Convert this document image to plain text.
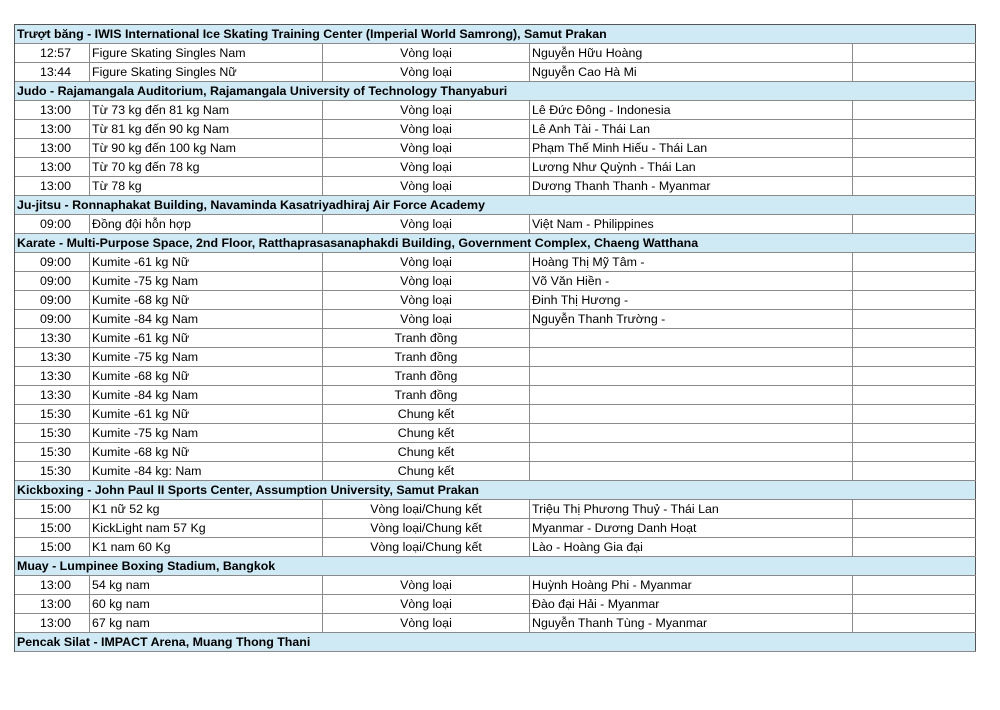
Trượt băng - IWIS International Ice Skating Training Center (Imperial World Samrong), Samut Prakan
12:57	Figure Skating Singles Nam	Vòng loại	Nguyễn Hữu Hoàng
13:44	Figure Skating Singles Nữ	Vòng loại	Nguyễn Cao Hà Mi
Judo - Rajamangala Auditorium, Rajamangala University of Technology Thanyaburi
13:00	Từ 73 kg đến 81 kg Nam	Vòng loại	Lê Đức Đông - Indonesia
13:00	Từ 81 kg đến 90 kg Nam	Vòng loại	Lê Anh Tài - Thái Lan
13:00	Từ 90 kg đến 100 kg Nam	Vòng loại	Phạm Thế Minh Hiếu - Thái Lan
13:00	Từ 70 kg đến 78 kg	Vòng loại	Lương Như Quỳnh - Thái Lan
13:00	Từ 78 kg	Vòng loại	Dương Thanh Thanh - Myanmar
Ju-jitsu - Ronnaphakat Building, Navaminda Kasatriyadhiraj Air Force Academy
09:00	Đồng đội hỗn hợp	Vòng loại	Việt Nam - Philippines
Karate - Multi-Purpose Space, 2nd Floor, Ratthaprasasanaphakdi Building, Government Complex, Chaeng Watthana
09:00	Kumite -61 kg Nữ	Vòng loại	Hoàng Thị Mỹ Tâm -
09:00	Kumite -75 kg Nam	Vòng loại	Võ Văn Hiền -
09:00	Kumite -68 kg Nữ	Vòng loại	Đinh Thị Hương -
09:00	Kumite -84 kg Nam	Vòng loại	Nguyễn Thanh Trường -
13:30	Kumite -61 kg Nữ	Tranh đồng
13:30	Kumite -75 kg Nam	Tranh đồng
13:30	Kumite -68 kg Nữ	Tranh đồng
13:30	Kumite -84 kg Nam	Tranh đồng
15:30	Kumite -61 kg Nữ	Chung kết
15:30	Kumite -75 kg Nam	Chung kết
15:30	Kumite -68 kg Nữ	Chung kết
15:30	Kumite -84 kg: Nam	Chung kết
Kickboxing - John Paul II Sports Center, Assumption University, Samut Prakan
15:00	K1 nữ 52 kg	Vòng loại/Chung kết	Triệu Thị Phương Thuỷ - Thái Lan
15:00	KickLight nam 57 Kg	Vòng loại/Chung kết	Myanmar - Dương Danh Hoạt
15:00	K1 nam 60 Kg	Vòng loại/Chung kết	Lào - Hoàng Gia đại
Muay - Lumpinee Boxing Stadium, Bangkok
13:00	54 kg nam	Vòng loại	Huỳnh Hoàng Phi - Myanmar
13:00	60 kg nam	Vòng loại	Đào đại Hải - Myanmar
13:00	67 kg nam	Vòng loại	Nguyễn Thanh Tùng - Myanmar
Pencak Silat - IMPACT Arena, Muang Thong Thani
